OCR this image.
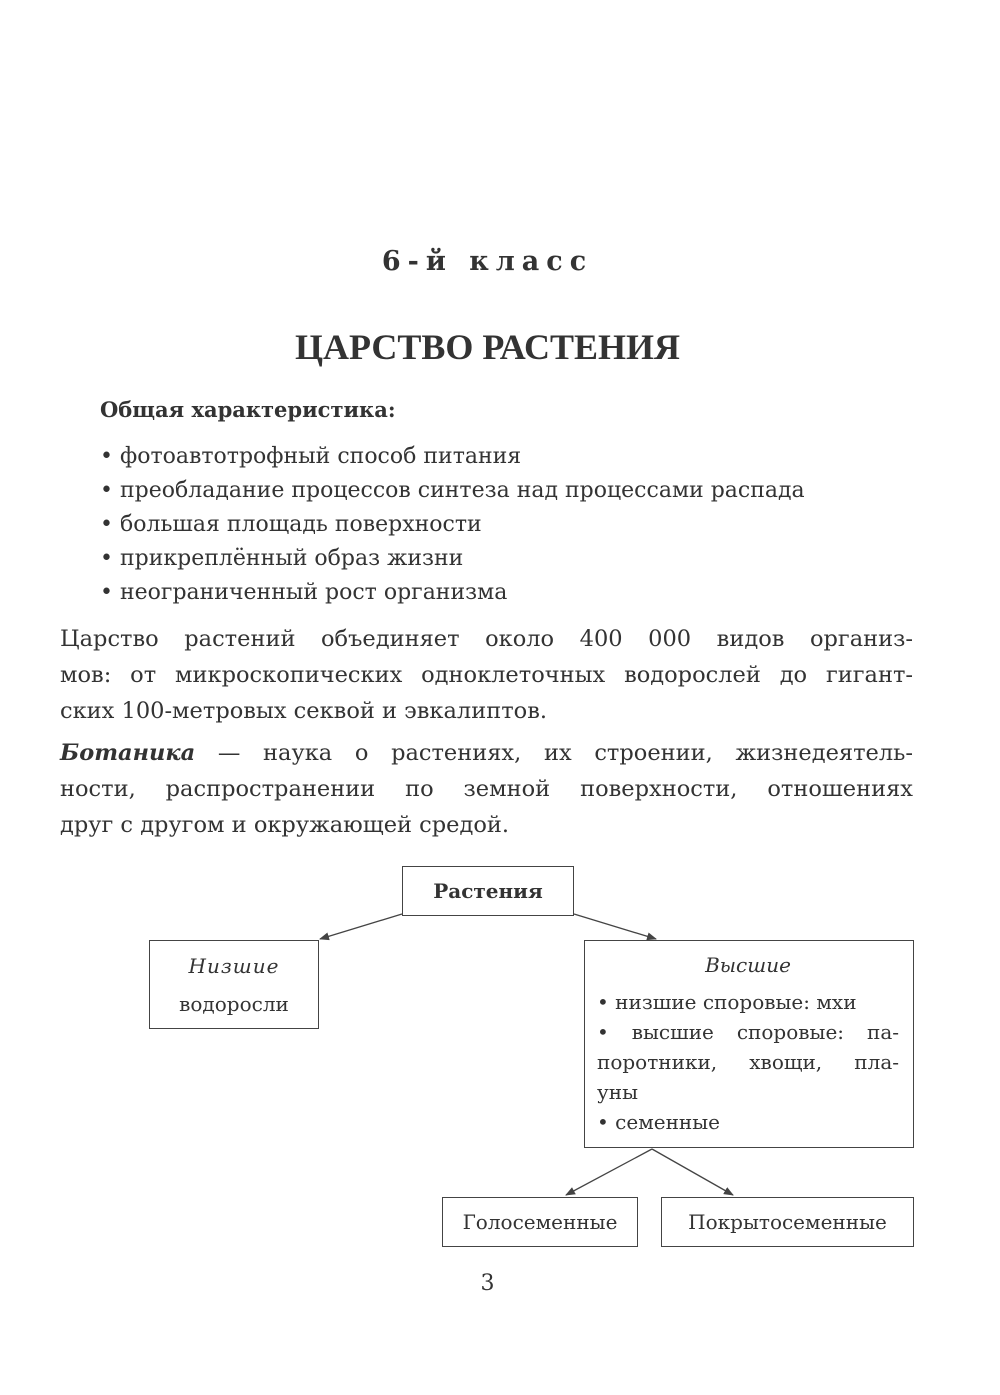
6-й класс
ЦАРСТВО РАСТЕНИЯ
Общая характеристика:
• фотоавтотрофный способ питания
• преобладание процессов синтеза над процессами распада
• большая площадь поверхности
• прикреплённый образ жизни
• неограниченный рост организма
Царство растений объединяет около 400 000 видов организ-
мов: от микроскопических одноклеточных водорослей до гигант-
ских 100-метровых секвой и эвкалиптов.
Ботаника — наука о растениях, их строении, жизнедеятель-
ности, распространении по земной поверхности, отношениях
друг с другом и окружающей средой.
Растения
Низшие
водоросли
Высшие
• низшие споровые: мхи
• высшие споровые: па-
поротники, хвощи, пла-
уны
• семенные
Голосеменные	Покрытосеменные
3
